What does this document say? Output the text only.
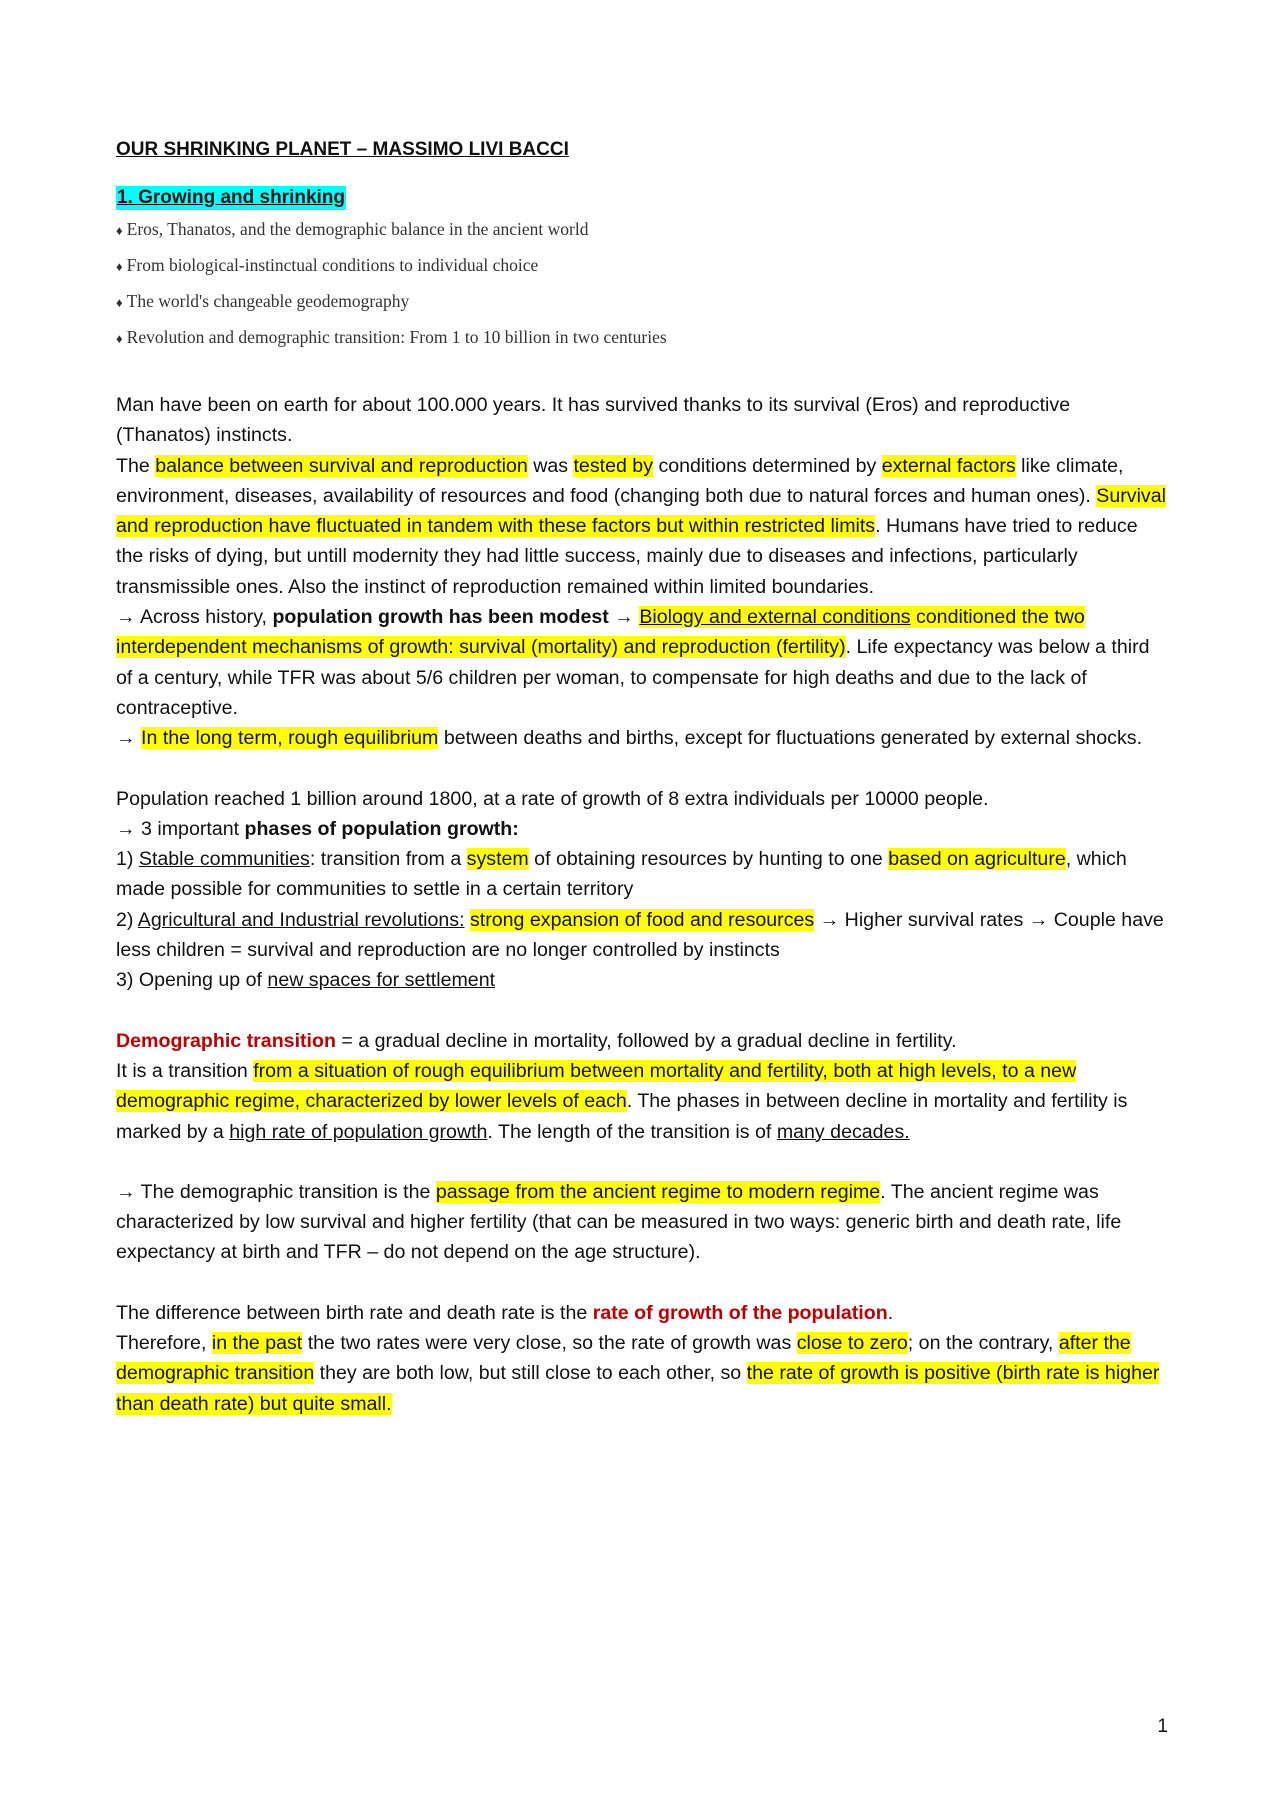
OUR SHRINKING PLANET – MASSIMO LIVI BACCI
1. Growing and shrinking
♦ Eros, Thanatos, and the demographic balance in the ancient world
♦ From biological-instinctual conditions to individual choice
♦ The world's changeable geodemography
♦ Revolution and demographic transition: From 1 to 10 billion in two centuries

Man have been on earth for about 100.000 years. It has survived thanks to its survival (Eros) and reproductive (Thanatos) instincts.
The balance between survival and reproduction was tested by conditions determined by external factors like climate, environment, diseases, availability of resources and food (changing both due to natural forces and human ones). Survival and reproduction have fluctuated in tandem with these factors but within restricted limits. Humans have tried to reduce the risks of dying, but untill modernity they had little success, mainly due to diseases and infections, particularly transmissible ones. Also the instinct of reproduction remained within limited boundaries.
→ Across history, population growth has been modest → Biology and external conditions conditioned the two interdependent mechanisms of growth: survival (mortality) and reproduction (fertility). Life expectancy was below a third of a century, while TFR was about 5/6 children per woman, to compensate for high deaths and due to the lack of contraceptive.
→ In the long term, rough equilibrium between deaths and births, except for fluctuations generated by external shocks.

Population reached 1 billion around 1800, at a rate of growth of 8 extra individuals per 10000 people.
→ 3 important phases of population growth:
1) Stable communities: transition from a system of obtaining resources by hunting to one based on agriculture, which made possible for communities to settle in a certain territory
2) Agricultural and Industrial revolutions: strong expansion of food and resources → Higher survival rates → Couple have less children = survival and reproduction are no longer controlled by instincts
3) Opening up of new spaces for settlement

Demographic transition = a gradual decline in mortality, followed by a gradual decline in fertility.
It is a transition from a situation of rough equilibrium between mortality and fertility, both at high levels, to a new demographic regime, characterized by lower levels of each. The phases in between decline in mortality and fertility is marked by a high rate of population growth. The length of the transition is of many decades.

→ The demographic transition is the passage from the ancient regime to modern regime. The ancient regime was characterized by low survival and higher fertility (that can be measured in two ways: generic birth and death rate, life expectancy at birth and TFR – do not depend on the age structure).

The difference between birth rate and death rate is the rate of growth of the population.
Therefore, in the past the two rates were very close, so the rate of growth was close to zero; on the contrary, after the demographic transition they are both low, but still close to each other, so the rate of growth is positive (birth rate is higher than death rate) but quite small.

1
